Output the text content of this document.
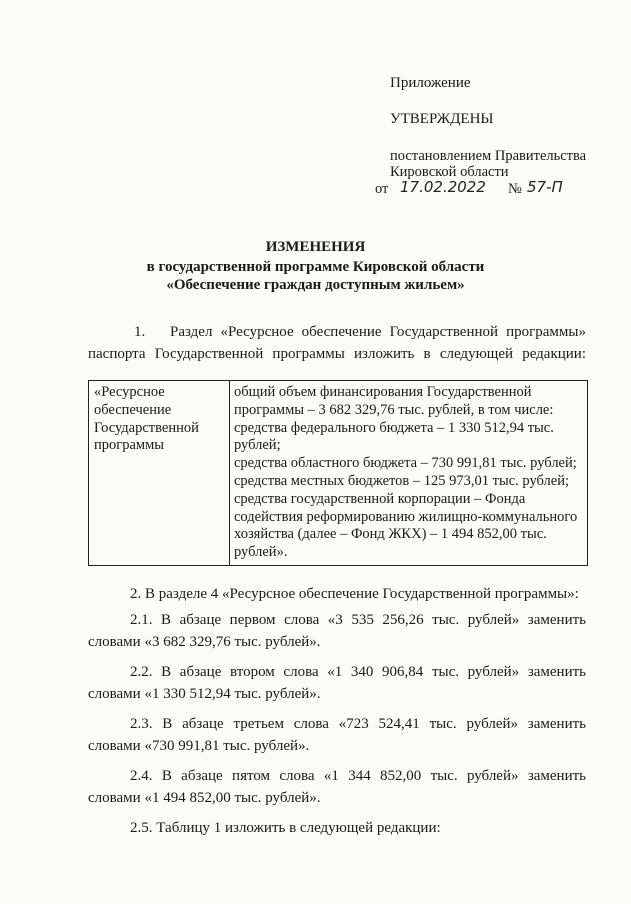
Приложение
УТВЕРЖДЕНЫ
постановлением Правительства
Кировской области
от 17.02.2022 № 57-П
ИЗМЕНЕНИЯ
в государственной программе Кировской области
«Обеспечение граждан доступным жильем»
1. Раздел «Ресурсное обеспечение Государственной программы»
паспорта Государственной программы изложить в следующей редакции:
«Ресурсное
обеспечение
Государственной
программы
общий объем финансирования Государственной
программы – 3 682 329,76 тыс. рублей, в том числе:
средства федерального бюджета – 1 330 512,94 тыс.
рублей;
средства областного бюджета – 730 991,81 тыс. рублей;
средства местных бюджетов – 125 973,01 тыс. рублей;
средства государственной корпорации – Фонда
содействия реформированию жилищно-коммунального
хозяйства (далее – Фонд ЖКХ) – 1 494 852,00 тыс.
рублей».
2. В разделе 4 «Ресурсное обеспечение Государственной программы»:
2.1. В абзаце первом слова «3 535 256,26 тыс. рублей» заменить
словами «3 682 329,76 тыс. рублей».
2.2. В абзаце втором слова «1 340 906,84 тыс. рублей» заменить
словами «1 330 512,94 тыс. рублей».
2.3. В абзаце третьем слова «723 524,41 тыс. рублей» заменить
словами «730 991,81 тыс. рублей».
2.4. В абзаце пятом слова «1 344 852,00 тыс. рублей» заменить
словами «1 494 852,00 тыс. рублей».
2.5. Таблицу 1 изложить в следующей редакции:
